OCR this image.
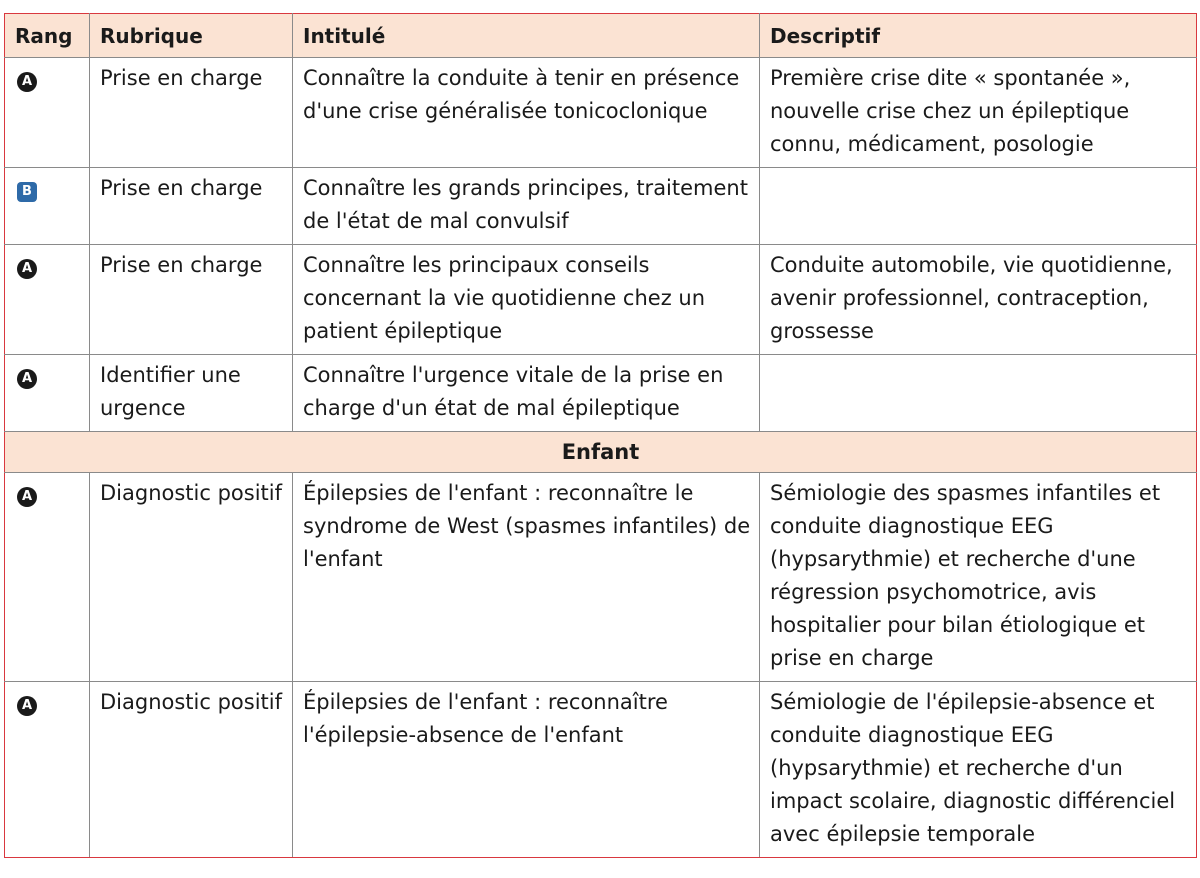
Rang	Rubrique	Intitulé	Descriptif
A	Prise en charge	Connaître la conduite à tenir en présence d'une crise généralisée tonicoclonique	Première crise dite « spontanée », nouvelle crise chez un épileptique connu, médicament, posologie
B	Prise en charge	Connaître les grands principes, traitement de l'état de mal convulsif	
A	Prise en charge	Connaître les principaux conseils concernant la vie quotidienne chez un patient épileptique	Conduite automobile, vie quotidienne, avenir professionnel, contraception, grossesse
A	Identifier une urgence	Connaître l'urgence vitale de la prise en charge d'un état de mal épileptique	
Enfant			
A	Diagnostic positif	Épilepsies de l'enfant : reconnaître le syndrome de West (spasmes infantiles) de l'enfant	Sémiologie des spasmes infantiles et conduite diagnostique EEG (hypsarythmie) et recherche d'une régression psychomotrice, avis hospitalier pour bilan étiologique et prise en charge
A	Diagnostic positif	Épilepsies de l'enfant : reconnaître l'épilepsie-absence de l'enfant	Sémiologie de l'épilepsie-absence et conduite diagnostique EEG (hypsarythmie) et recherche d'un impact scolaire, diagnostic différenciel avec épilepsie temporale
